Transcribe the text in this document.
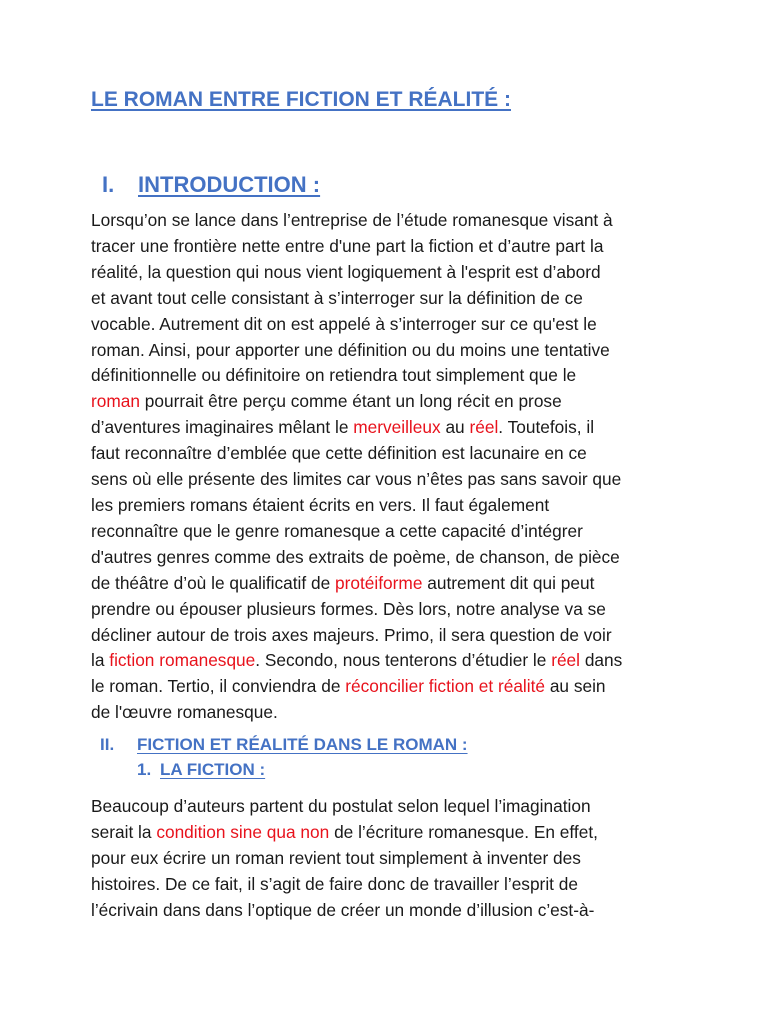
LE ROMAN ENTRE FICTION ET RÉALITÉ :
I. INTRODUCTION :
Lorsqu’on se lance dans l’entreprise de l’étude romanesque visant à
tracer une frontière nette entre d'une part la fiction et d’autre part la
réalité, la question qui nous vient logiquement à l'esprit est d’abord
et avant tout celle consistant à s’interroger sur la définition de ce
vocable. Autrement dit on est appelé à s’interroger sur ce qu'est le
roman. Ainsi, pour apporter une définition ou du moins une tentative
définitionnelle ou définitoire on retiendra tout simplement que le
roman pourrait être perçu comme étant un long récit en prose
d’aventures imaginaires mêlant le merveilleux au réel. Toutefois, il
faut reconnaître d’emblée que cette définition est lacunaire en ce
sens où elle présente des limites car vous n’êtes pas sans savoir que
les premiers romans étaient écrits en vers. Il faut également
reconnaître que le genre romanesque a cette capacité d’intégrer
d'autres genres comme des extraits de poème, de chanson, de pièce
de théâtre d’où le qualificatif de protéiforme autrement dit qui peut
prendre ou épouser plusieurs formes. Dès lors, notre analyse va se
décliner autour de trois axes majeurs. Primo, il sera question de voir
la fiction romanesque. Secondo, nous tenterons d’étudier le réel dans
le roman. Tertio, il conviendra de réconcilier fiction et réalité au sein
de l'œuvre romanesque.
II. FICTION ET RÉALITÉ DANS LE ROMAN :
1. LA FICTION :
Beaucoup d’auteurs partent du postulat selon lequel l’imagination
serait la condition sine qua non de l’écriture romanesque. En effet,
pour eux écrire un roman revient tout simplement à inventer des
histoires. De ce fait, il s’agit de faire donc de travailler l’esprit de
l’écrivain dans dans l’optique de créer un monde d’illusion c’est-à-
